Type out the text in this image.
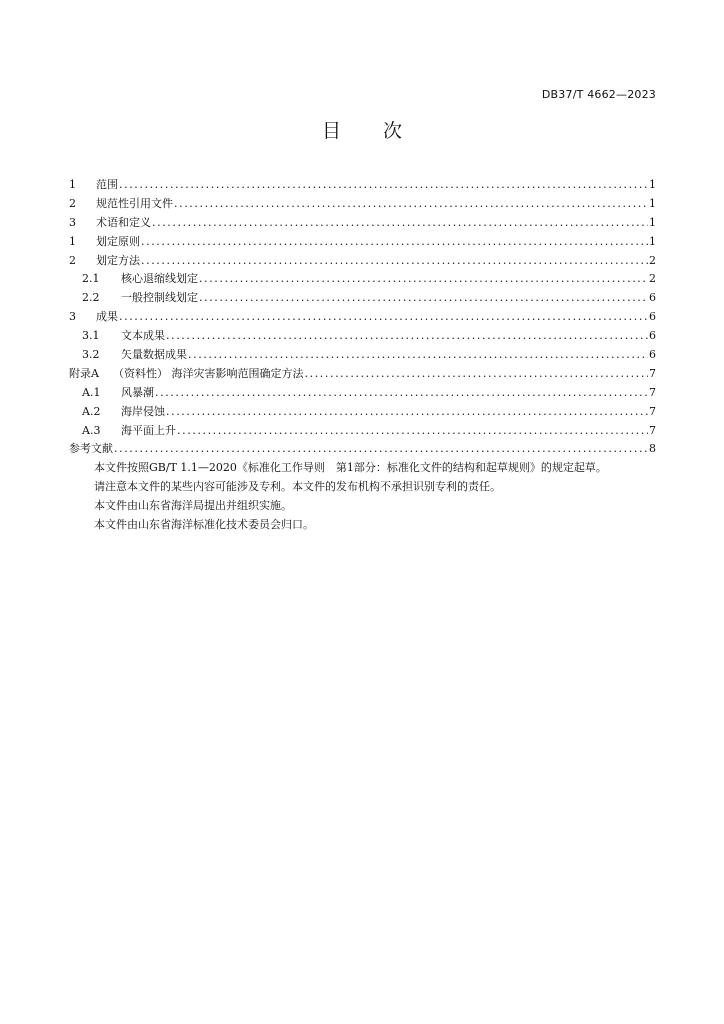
DB37/T 4662—2023
目 次
1	范围 .....	1
2	规范性引用文件 .....	1
3	术语和定义 .....	1
1	划定原则 .....	1
2	划定方法 .....	2
2.1	核心退缩线划定 .....	2
2.2	一般控制线划定 .....	6
3	成果 .....	6
3.1	文本成果 .....	6
3.2	矢量数据成果 .....	6
附录A	（资料性） 海洋灾害影响范围确定方法 .....	7
A.1	风暴潮 .....	7
A.2	海岸侵蚀 .....	7
A.3	海平面上升 .....	7
参考文献 .....	8

本文件按照GB/T 1.1—2020《标准化工作导则　第1部分：标准化文件的结构和起草规则》的规定起草。

请注意本文件的某些内容可能涉及专利。本文件的发布机构不承担识别专利的责任。

本文件由山东省海洋局提出并组织实施。

本文件由山东省海洋标准化技术委员会归口。
